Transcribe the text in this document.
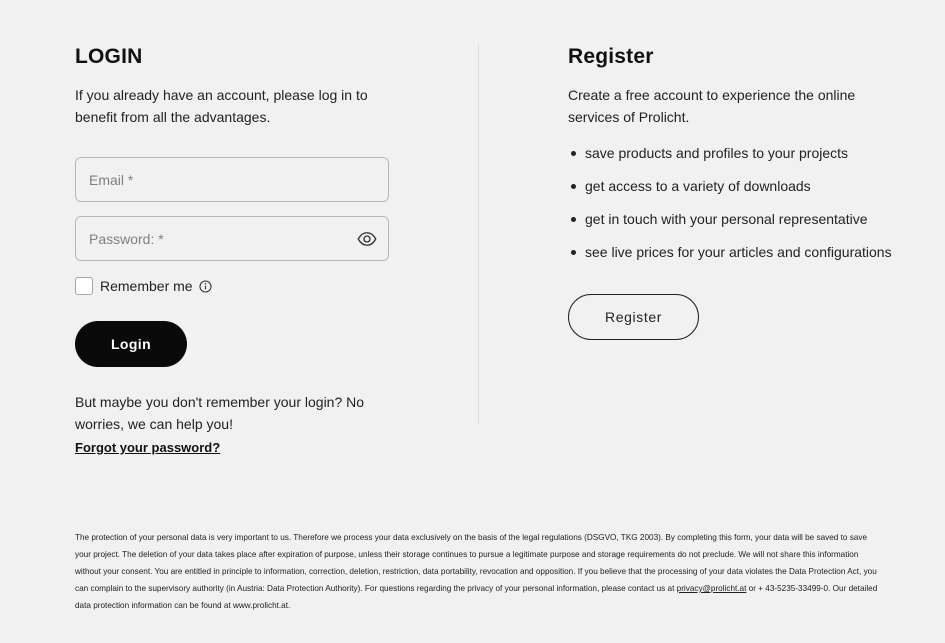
LOGIN

If you already have an account, please log in to benefit from all the advantages.

Email *
Remember me
Login

But maybe you don't remember your login? No worries, we can help you!

Forgot your password?
Register

Create a free account to experience the online services of Prolicht.

save products and profiles to your projects
get access to a variety of downloads
get in touch with your personal representative
see live prices for your articles and configurations
Register

The protection of your personal data is very important to us. Therefore we process your data exclusively on the basis of the legal regulations (DSGVO, TKG 2003). By completing this form, your data will be saved to save your project. The deletion of your data takes place after expiration of purpose, unless their storage continues to pursue a legitimate purpose and storage requirements do not preclude. We will not share this information without your consent. You are entitled in principle to information, correction, deletion, restriction, data portability, revocation and opposition. If you believe that the processing of your data violates the Data Protection Act, you can complain to the supervisory authority (in Austria: Data Protection Authority). For questions regarding the privacy of your personal information, please contact us at privacy@prolicht.at or + 43-5235-33499-0. Our detailed data protection information can be found at www.prolicht.at.
